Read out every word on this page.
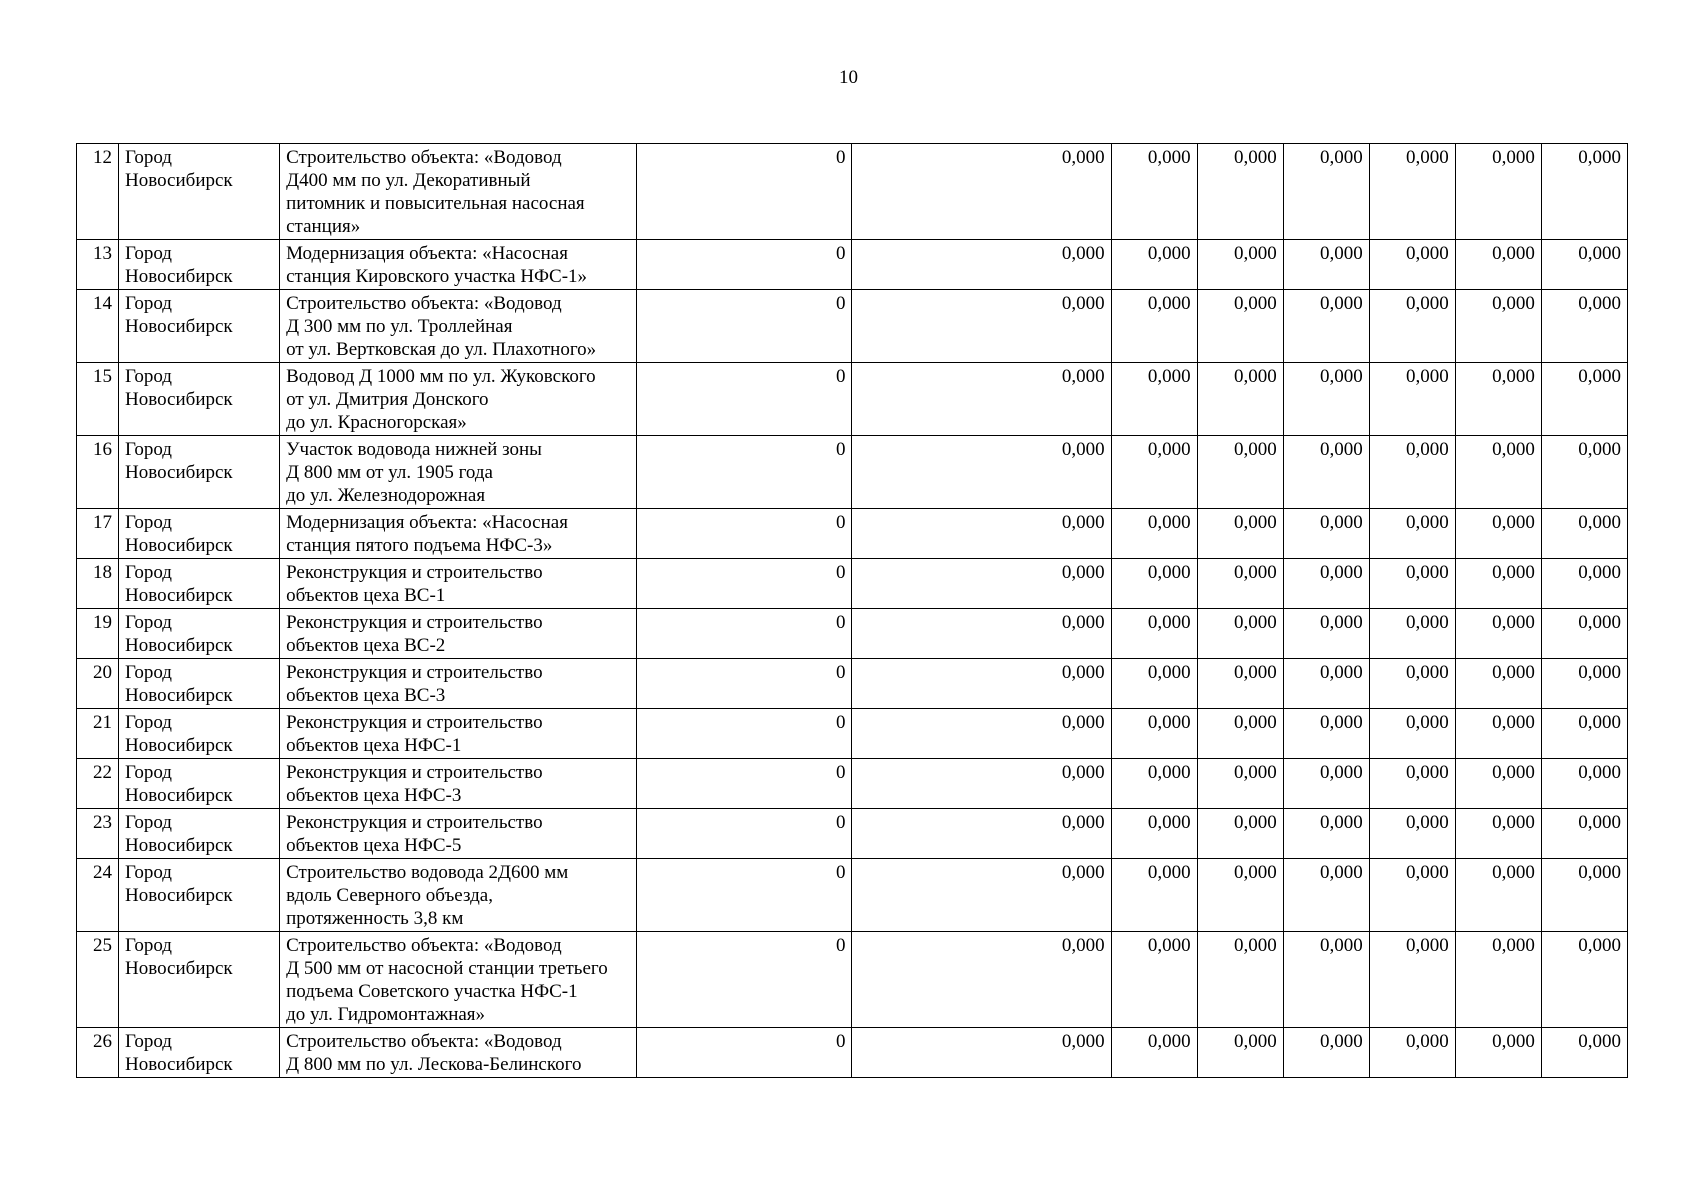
10
12	Город Новосибирск	Строительство объекта: «Водовод
Д400 мм по ул. Декоративный
питомник и повысительная насосная
станция»	0	0,000	0,000	0,000	0,000	0,000	0,000	0,000
13	Город Новосибирск	Модернизация объекта: «Насосная
станция Кировского участка НФС-1»	0	0,000	0,000	0,000	0,000	0,000	0,000	0,000
14	Город Новосибирск	Строительство объекта: «Водовод
Д 300 мм по ул. Троллейная
от ул. Вертковская до ул. Плахотного»	0	0,000	0,000	0,000	0,000	0,000	0,000	0,000
15	Город Новосибирск	Водовод Д 1000 мм по ул. Жуковского
от ул. Дмитрия Донского
до ул. Красногорская»	0	0,000	0,000	0,000	0,000	0,000	0,000	0,000
16	Город Новосибирск	Участок водовода нижней зоны
Д 800 мм от ул. 1905 года
до ул. Железнодорожная	0	0,000	0,000	0,000	0,000	0,000	0,000	0,000
17	Город Новосибирск	Модернизация объекта: «Насосная
станция пятого подъема НФС-3»	0	0,000	0,000	0,000	0,000	0,000	0,000	0,000
18	Город Новосибирск	Реконструкция и строительство
объектов цеха ВС-1	0	0,000	0,000	0,000	0,000	0,000	0,000	0,000
19	Город Новосибирск	Реконструкция и строительство
объектов цеха ВС-2	0	0,000	0,000	0,000	0,000	0,000	0,000	0,000
20	Город Новосибирск	Реконструкция и строительство
объектов цеха ВС-3	0	0,000	0,000	0,000	0,000	0,000	0,000	0,000
21	Город Новосибирск	Реконструкция и строительство
объектов цеха НФС-1	0	0,000	0,000	0,000	0,000	0,000	0,000	0,000
22	Город Новосибирск	Реконструкция и строительство
объектов цеха НФС-3	0	0,000	0,000	0,000	0,000	0,000	0,000	0,000
23	Город Новосибирск	Реконструкция и строительство
объектов цеха НФС-5	0	0,000	0,000	0,000	0,000	0,000	0,000	0,000
24	Город Новосибирск	Строительство водовода 2Д600 мм
вдоль Северного объезда,
протяженность 3,8 км	0	0,000	0,000	0,000	0,000	0,000	0,000	0,000
25	Город Новосибирск	Строительство объекта: «Водовод
Д 500 мм от насосной станции третьего
подъема Советского участка НФС-1
до ул. Гидромонтажная»	0	0,000	0,000	0,000	0,000	0,000	0,000	0,000
26	Город Новосибирск	Строительство объекта: «Водовод
Д 800 мм по ул. Лескова-Белинского	0	0,000	0,000	0,000	0,000	0,000	0,000	0,000
